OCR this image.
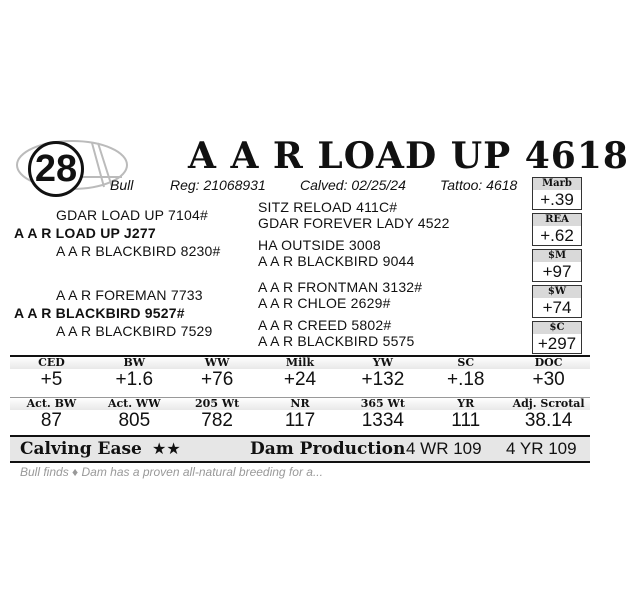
28	A A R LOAD UP 4618
Bull	Reg: 21068931 Calved: 02/25/24 Tattoo: 4618
GDAR LOAD UP 7104#
A A R LOAD UP J277
A A R BLACKBIRD 8230#
A A R FOREMAN 7733
A A R BLACKBIRD 9527#
A A R BLACKBIRD 7529
SITZ RELOAD 411C#
GDAR FOREVER LADY 4522
HA OUTSIDE 3008
A A R BLACKBIRD 9044
A A R FRONTMAN 3132#
A A R CHLOE 2629#
A A R CREED 5802#
A A R BLACKBIRD 5575
Marb
+.39
REA
+.62
$M
+97
$W
+74
$C
+297
CED	BW	WW	Milk	YW	SC	DOC
+5	+1.6	+76	+24	+132	+.18	+30
Act. BW	Act. WW	205 Wt	NR	365 Wt	YR	Adj. Scrotal
87	805	782	117	1334	111	38.14
Calving Ease ★★	Dam Production 4 WR 109 4 YR 109
Bull finds ♦ Dam has a proven all-natural breeding for a...
